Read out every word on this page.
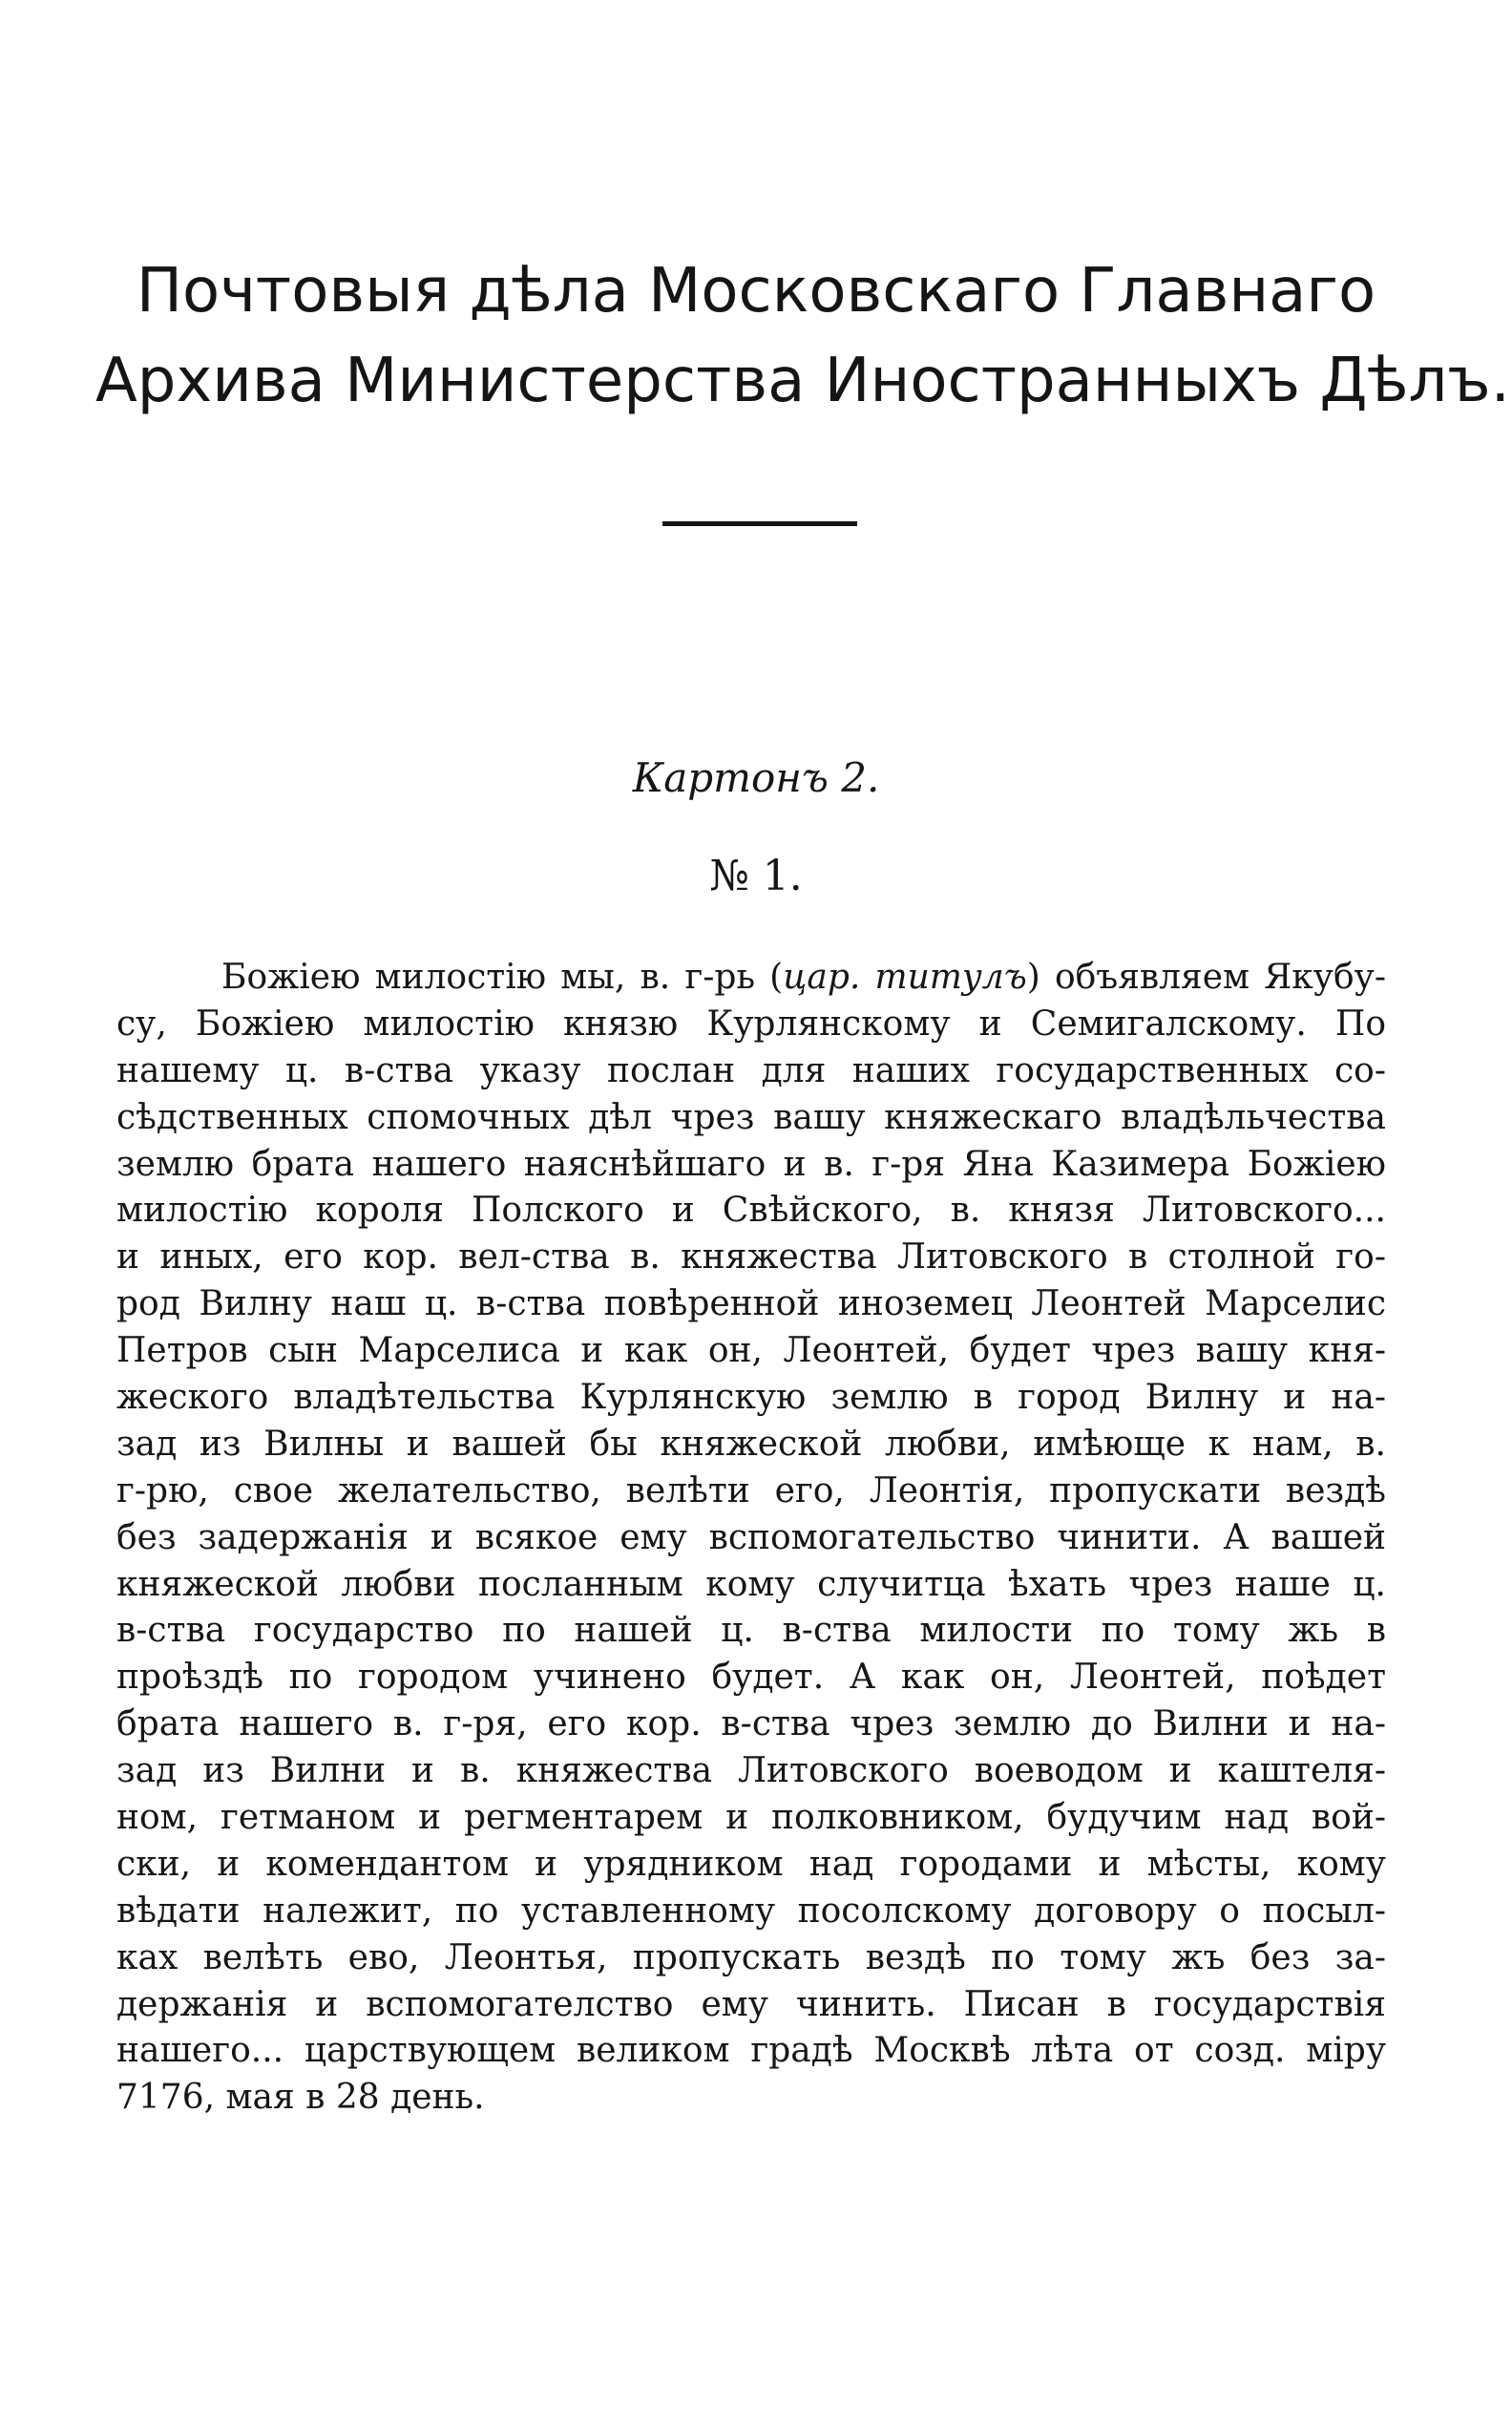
Почтовыя дѣла Московскаго Главнаго
Архива Министерства Иностранныхъ Дѣлъ.
Картонъ 2.
№ 1.
Божiею милостiю мы, в. г-рь (цар. титулъ) объявляем Якубу-
су, Божiею милостiю князю Курлянскому и Семигалскому. По
нашему ц. в-ства указу послан для наших государственных со-
сѣдственных спомочных дѣл чрез вашу княжескаго владѣльчества
землю брата нашего наяснѣйшаго и в. г-ря Яна Казимера Божiею
милостiю короля Полского и Свѣйского, в. князя Литовского...
и иных, его кор. вел-ства в. княжества Литовского в столной го-
род Вилну наш ц. в-ства повѣренной иноземец Леонтей Марселис
Петров сын Марселиса и как он, Леонтей, будет чрез вашу кня-
жеского владѣтельства Курлянскую землю в город Вилну и на-
зад из Вилны и вашей бы княжеской любви, имѣюще к нам, в.
г-рю, свое желательство, велѣти его, Леонтiя, пропускати вездѣ
без задержанiя и всякое ему вспомогательство чинити. А вашей
княжеской любви посланным кому случитца ѣхать чрез наше ц.
в-ства государство по нашей ц. в-ства милости по тому жь в
проѣздѣ по городом учинено будет. А как он, Леонтей, поѣдет
брата нашего в. г-ря, его кор. в-ства чрез землю до Вилни и на-
зад из Вилни и в. княжества Литовского воеводом и каштеля-
ном, гетманом и регментарем и полковником, будучим над вой-
ски, и комендантом и урядником над городами и мѣсты, кому
вѣдати належит, по уставленному посолскому договору о посыл-
ках велѣть ево, Леонтья, пропускать вездѣ по тому жъ без за-
держанiя и вспомогателство ему чинить. Писан в государствiя
нашего... царствующем великом градѣ Москвѣ лѣта от созд. мiру
7176, мая в 28 день.
